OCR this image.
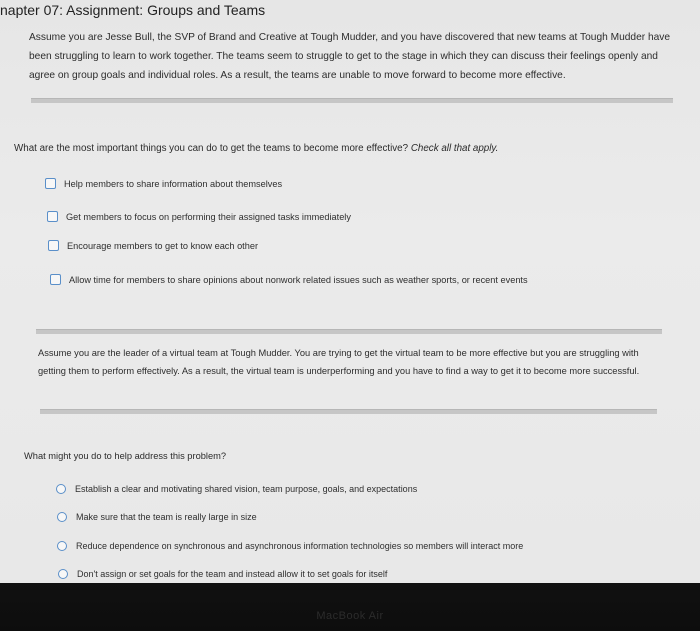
napter 07: Assignment: Groups and Teams
Assume you are Jesse Bull, the SVP of Brand and Creative at Tough Mudder, and you have discovered that new teams at Tough Mudder have been struggling to learn to work together. The teams seem to struggle to get to the stage in which they can discuss their feelings openly and agree on group goals and individual roles. As a result, the teams are unable to move forward to become more effective.
What are the most important things you can do to get the teams to become more effective? Check all that apply.
Help members to share information about themselves
Get members to focus on performing their assigned tasks immediately
Encourage members to get to know each other
Allow time for members to share opinions about nonwork related issues such as weather sports, or recent events
Assume you are the leader of a virtual team at Tough Mudder. You are trying to get the virtual team to be more effective but you are struggling with getting them to perform effectively. As a result, the virtual team is underperforming and you have to find a way to get it to become more successful.
What might you do to help address this problem?
Establish a clear and motivating shared vision, team purpose, goals, and expectations
Make sure that the team is really large in size
Reduce dependence on synchronous and asynchronous information technologies so members will interact more
Don't assign or set goals for the team and instead allow it to set goals for itself
MacBook Air
